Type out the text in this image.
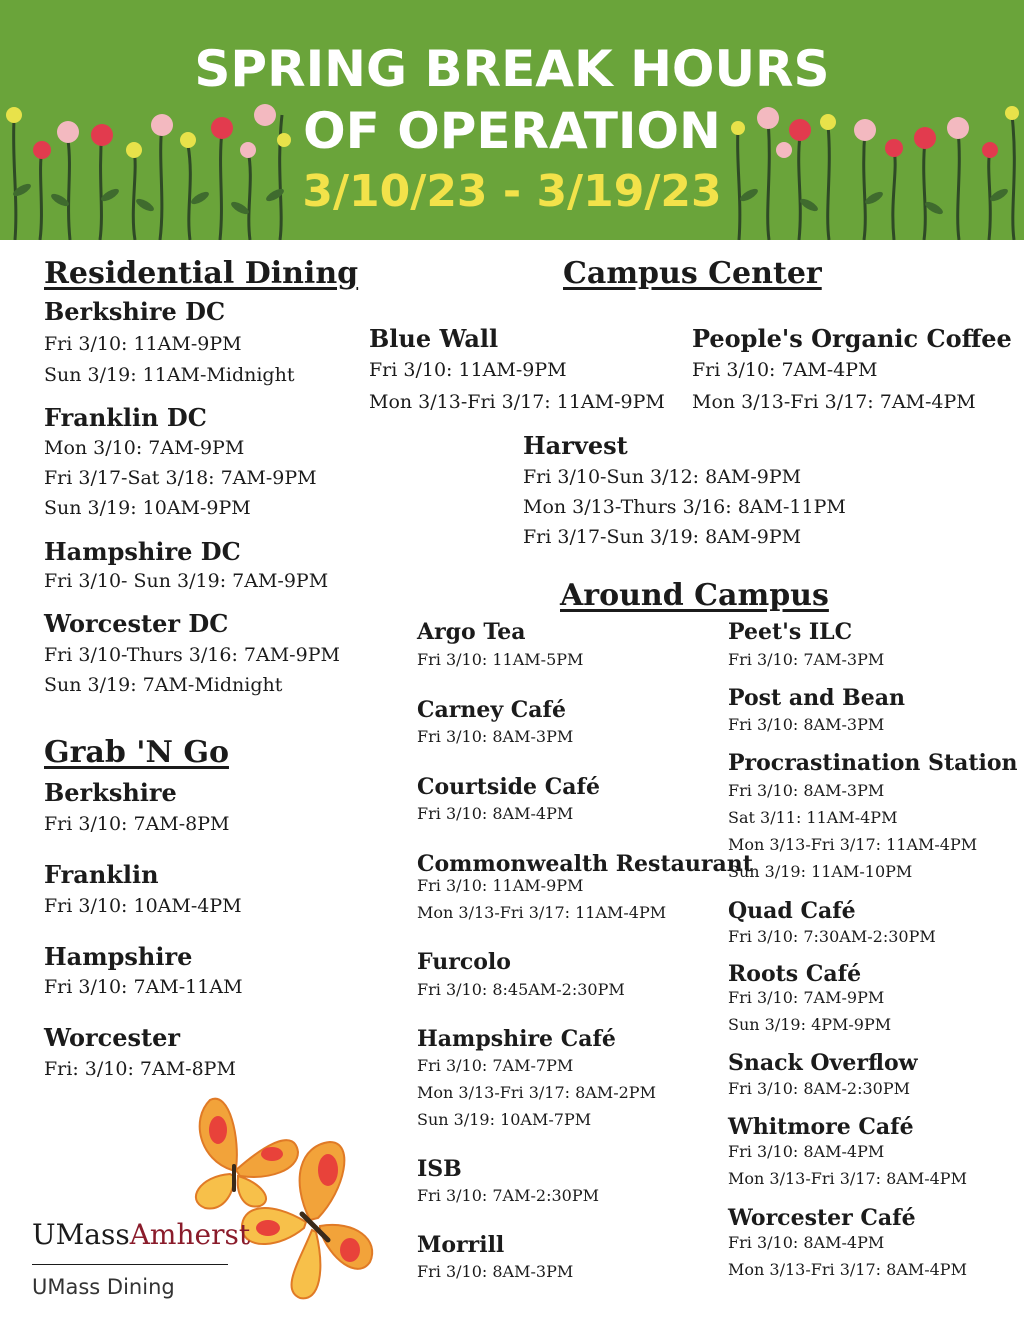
SPRING BREAK HOURS
OF OPERATION
3/10/23 - 3/19/23
Residential Dining
Berkshire DC
Fri 3/10: 11AM-9PM
Sun 3/19: 11AM-Midnight
Franklin DC
Mon 3/10: 7AM-9PM
Fri 3/17-Sat 3/18: 7AM-9PM
Sun 3/19: 10AM-9PM
Hampshire DC
Fri 3/10- Sun 3/19: 7AM-9PM
Worcester DC
Fri 3/10-Thurs 3/16: 7AM-9PM
Sun 3/19: 7AM-Midnight
Grab 'N Go
Berkshire
Fri 3/10: 7AM-8PM
Franklin
Fri 3/10: 10AM-4PM
Hampshire
Fri 3/10: 7AM-11AM
Worcester
Fri: 3/10: 7AM-8PM
Campus Center
Blue Wall
Fri 3/10: 11AM-9PM
Mon 3/13-Fri 3/17: 11AM-9PM
People's Organic Coffee
Fri 3/10: 7AM-4PM
Mon 3/13-Fri 3/17: 7AM-4PM
Harvest
Fri 3/10-Sun 3/12: 8AM-9PM
Mon 3/13-Thurs 3/16: 8AM-11PM
Fri 3/17-Sun 3/19: 8AM-9PM
Around Campus
Argo Tea
Fri 3/10: 11AM-5PM
Carney Café
Fri 3/10: 8AM-3PM
Courtside Café
Fri 3/10: 8AM-4PM
Commonwealth Restaurant
Fri 3/10: 11AM-9PM
Mon 3/13-Fri 3/17: 11AM-4PM
Furcolo
Fri 3/10: 8:45AM-2:30PM
Hampshire Café
Fri 3/10: 7AM-7PM
Mon 3/13-Fri 3/17: 8AM-2PM
Sun 3/19: 10AM-7PM
ISB
Fri 3/10: 7AM-2:30PM
Morrill
Fri 3/10: 8AM-3PM
Peet's ILC
Fri 3/10: 7AM-3PM
Post and Bean
Fri 3/10: 8AM-3PM
Procrastination Station
Fri 3/10: 8AM-3PM
Sat 3/11: 11AM-4PM
Mon 3/13-Fri 3/17: 11AM-4PM
Sun 3/19: 11AM-10PM
Quad Café
Fri 3/10: 7:30AM-2:30PM
Roots Café
Fri 3/10: 7AM-9PM
Sun 3/19: 4PM-9PM
Snack Overflow
Fri 3/10: 8AM-2:30PM
Whitmore Café
Fri 3/10: 8AM-4PM
Mon 3/13-Fri 3/17: 8AM-4PM
Worcester Café
Fri 3/10: 8AM-4PM
Mon 3/13-Fri 3/17: 8AM-4PM
UMassAmherst
UMass Dining
